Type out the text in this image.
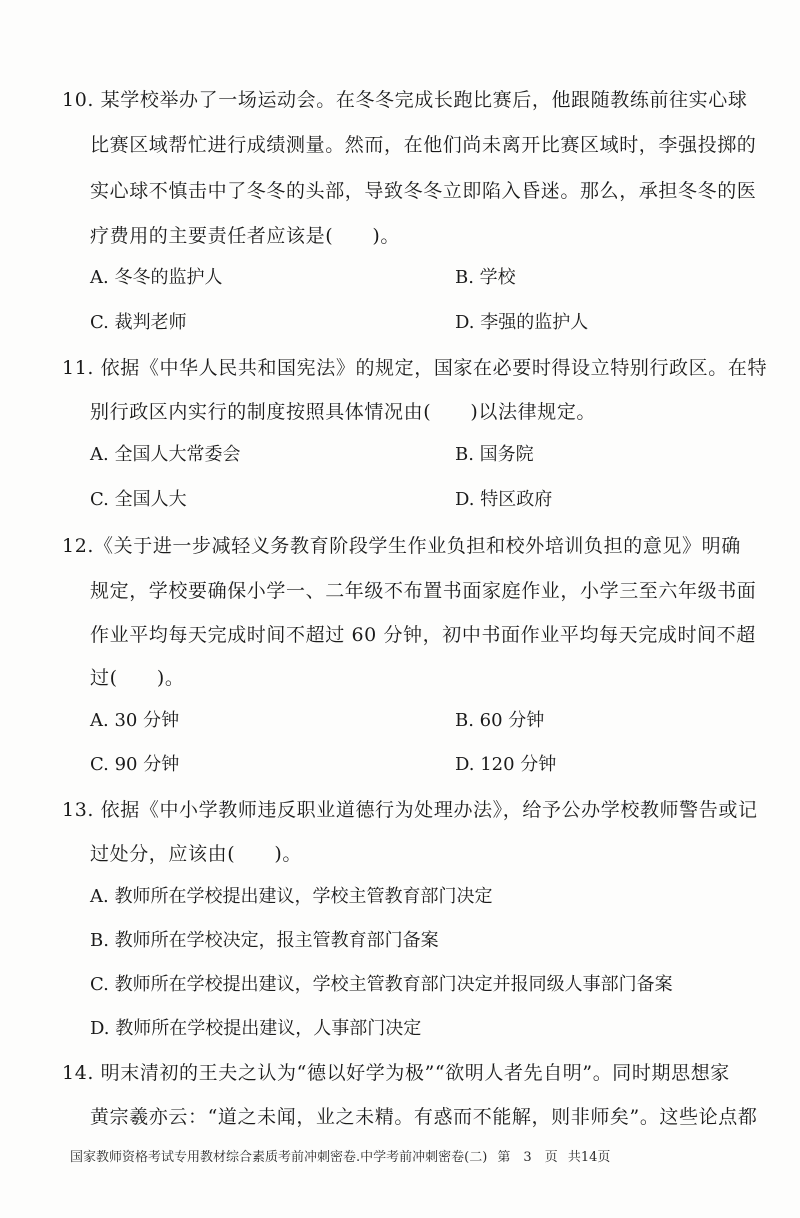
10. 某学校举办了一场运动会。在冬冬完成长跑比赛后，他跟随教练前往实心球
比赛区域帮忙进行成绩测量。然而，在他们尚未离开比赛区域时，李强投掷的
实心球不慎击中了冬冬的头部，导致冬冬立即陷入昏迷。那么，承担冬冬的医
疗费用的主要责任者应该是(　　)。
A. 冬冬的监护人	B. 学校
C. 裁判老师	D. 李强的监护人
11. 依据《中华人民共和国宪法》的规定，国家在必要时得设立特别行政区。在特
别行政区内实行的制度按照具体情况由(　　)以法律规定。
A. 全国人大常委会	B. 国务院
C. 全国人大	D. 特区政府
12.《关于进一步减轻义务教育阶段学生作业负担和校外培训负担的意见》明确
规定，学校要确保小学一、二年级不布置书面家庭作业，小学三至六年级书面
作业平均每天完成时间不超过 60 分钟，初中书面作业平均每天完成时间不超
过(　　)。
A. 30 分钟	B. 60 分钟
C. 90 分钟	D. 120 分钟
13. 依据《中小学教师违反职业道德行为处理办法》，给予公办学校教师警告或记
过处分，应该由(　　)。
A. 教师所在学校提出建议，学校主管教育部门决定
B. 教师所在学校决定，报主管教育部门备案
C. 教师所在学校提出建议，学校主管教育部门决定并报同级人事部门备案
D. 教师所在学校提出建议，人事部门决定
14. 明末清初的王夫之认为“德以好学为极”“欲明人者先自明”。同时期思想家
黄宗羲亦云：“道之未闻，业之未精。有惑而不能解，则非师矣”。这些论点都
国家教师资格考试专用教材综合素质考前冲刺密卷.中学考前冲刺密卷(二) 第　3　页 共14页
